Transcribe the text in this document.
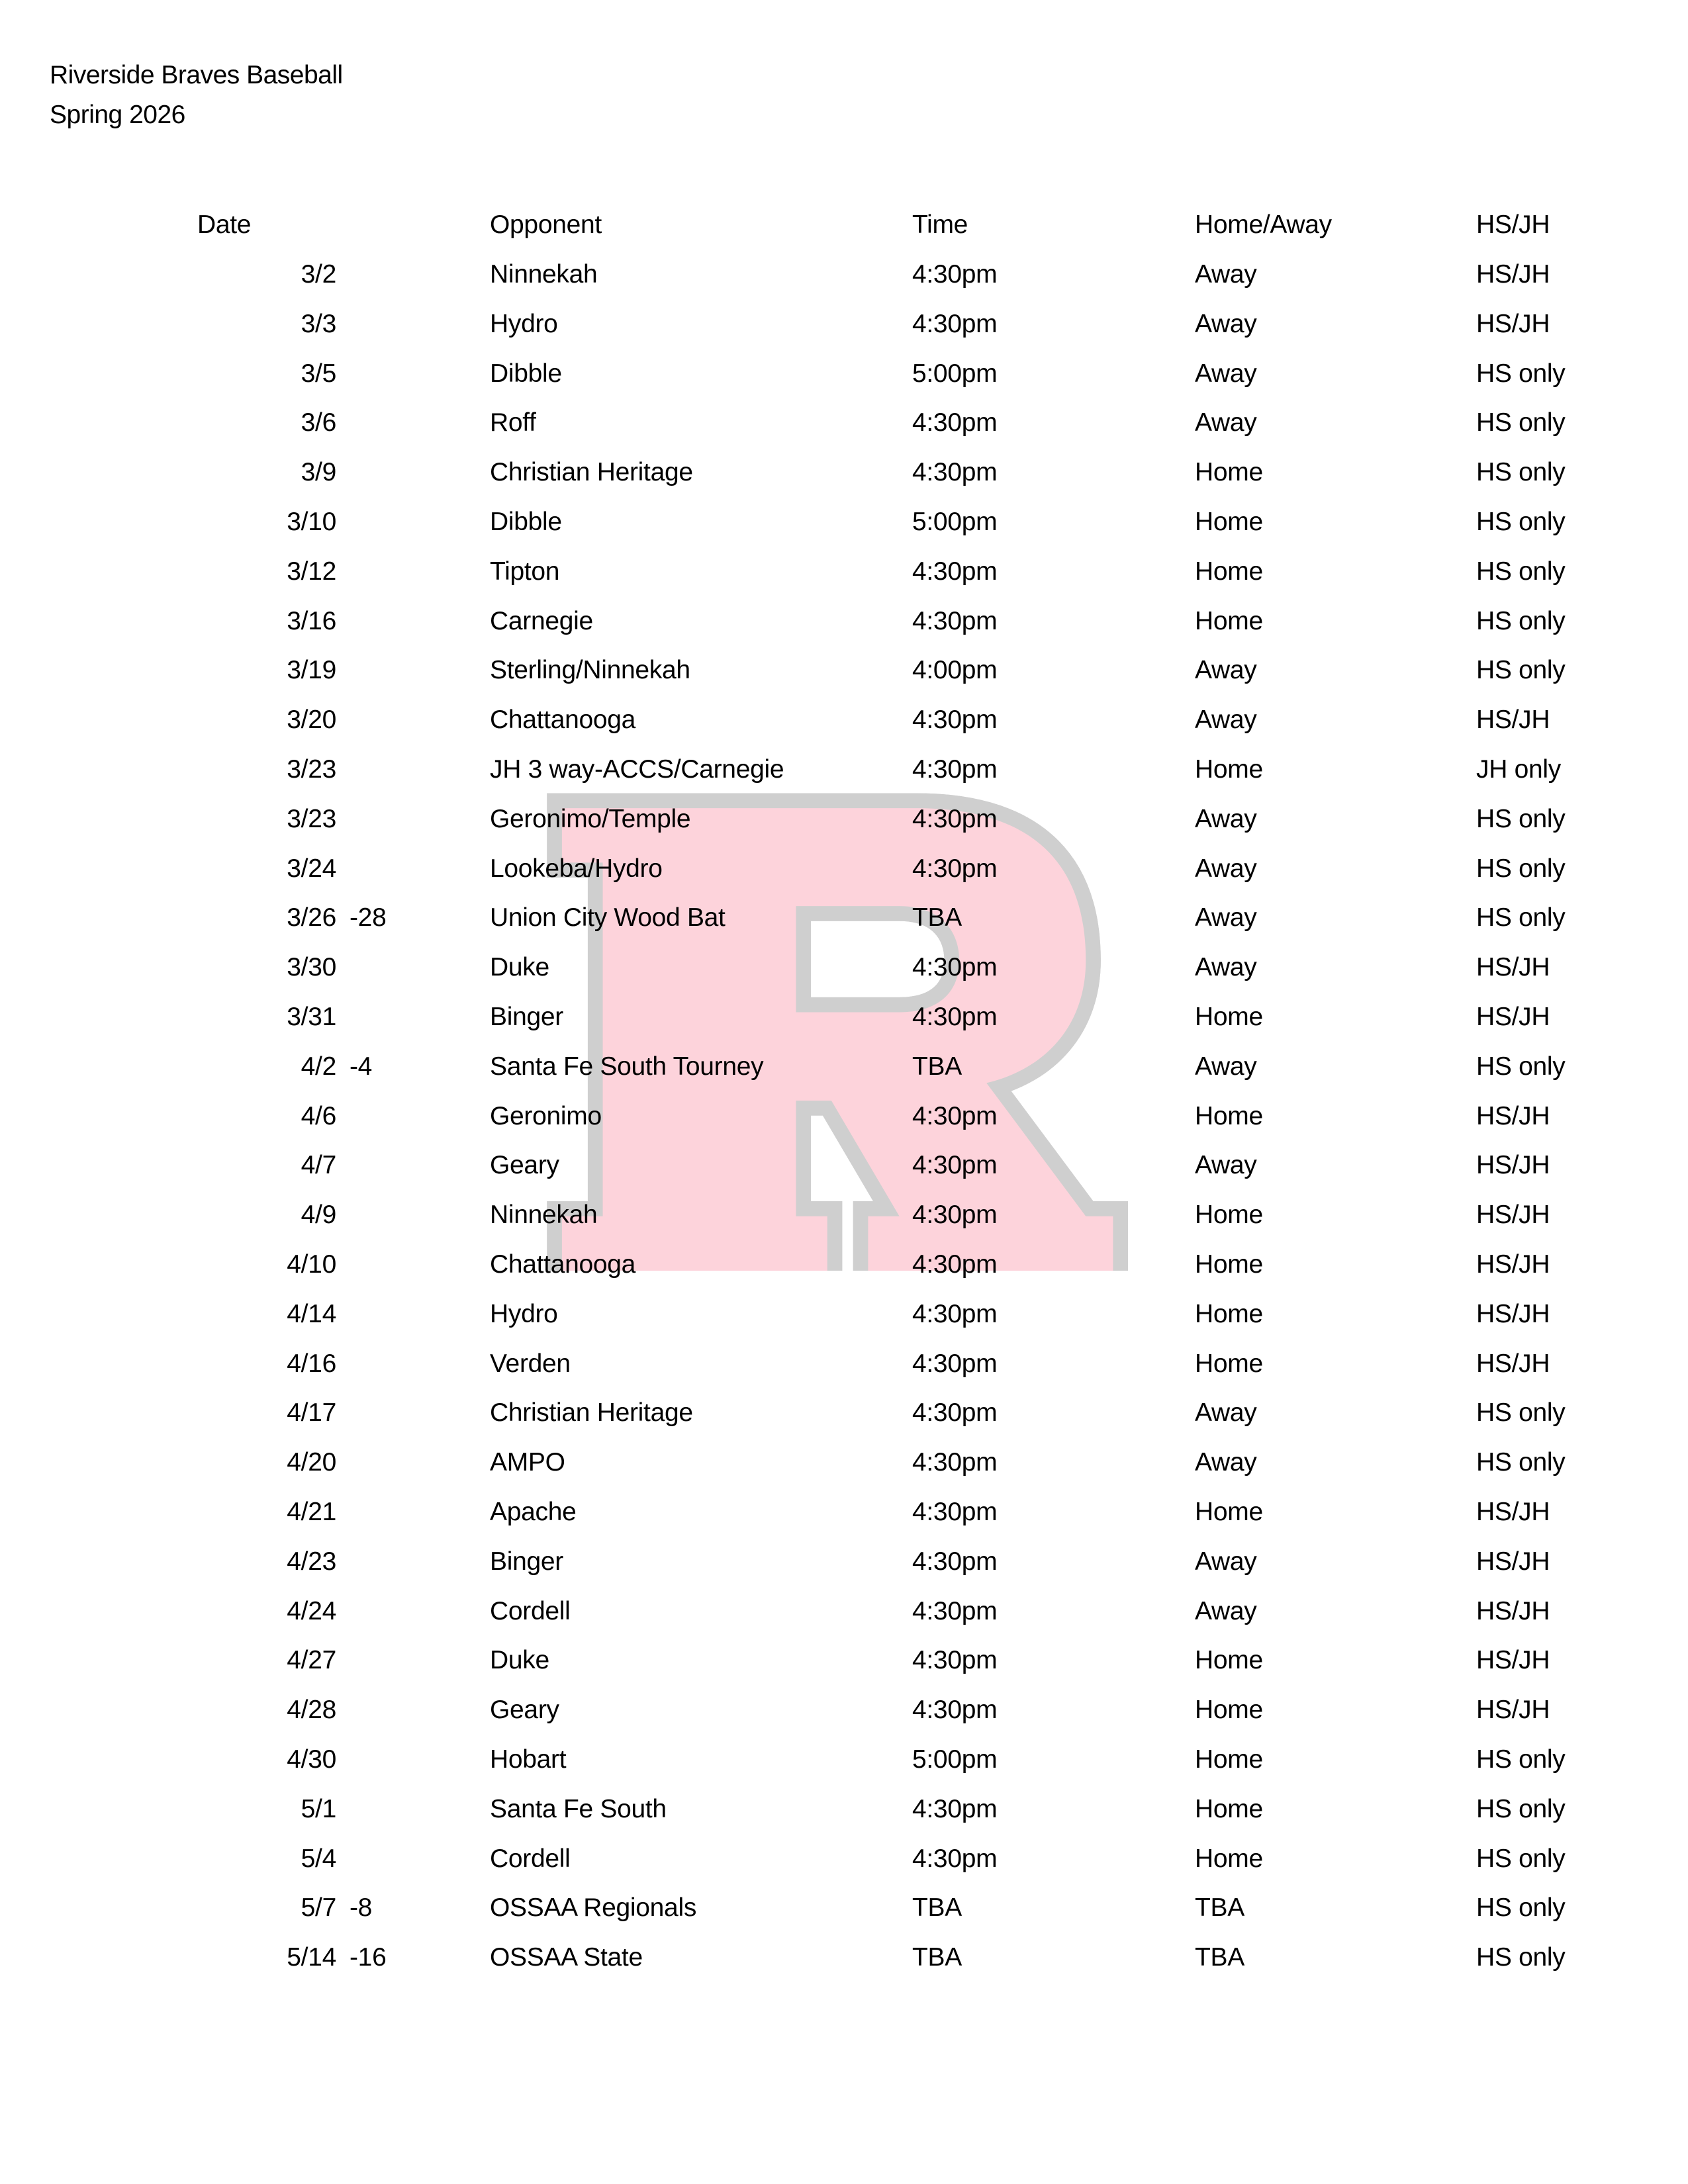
Riverside Braves Baseball
Spring 2026
Date	Opponent	Time	Home/Away	HS/JH
3/2	Ninnekah	4:30pm	Away	HS/JH
3/3	Hydro	4:30pm	Away	HS/JH
3/5	Dibble	5:00pm	Away	HS only
3/6	Roff	4:30pm	Away	HS only
3/9	Christian Heritage	4:30pm	Home	HS only
3/10	Dibble	5:00pm	Home	HS only
3/12	Tipton	4:30pm	Home	HS only
3/16	Carnegie	4:30pm	Home	HS only
3/19	Sterling/Ninnekah	4:00pm	Away	HS only
3/20	Chattanooga	4:30pm	Away	HS/JH
3/23	JH 3 way-ACCS/Carnegie	4:30pm	Home	JH only
3/23	Geronimo/Temple	4:30pm	Away	HS only
3/24	Lookeba/Hydro	4:30pm	Away	HS only
3/26 -28	Union City Wood Bat	TBA	Away	HS only
3/30	Duke	4:30pm	Away	HS/JH
3/31	Binger	4:30pm	Home	HS/JH
4/2 -4	Santa Fe South Tourney	TBA	Away	HS only
4/6	Geronimo	4:30pm	Home	HS/JH
4/7	Geary	4:30pm	Away	HS/JH
4/9	Ninnekah	4:30pm	Home	HS/JH
4/10	Chattanooga	4:30pm	Home	HS/JH
4/14	Hydro	4:30pm	Home	HS/JH
4/16	Verden	4:30pm	Home	HS/JH
4/17	Christian Heritage	4:30pm	Away	HS only
4/20	AMPO	4:30pm	Away	HS only
4/21	Apache	4:30pm	Home	HS/JH
4/23	Binger	4:30pm	Away	HS/JH
4/24	Cordell	4:30pm	Away	HS/JH
4/27	Duke	4:30pm	Home	HS/JH
4/28	Geary	4:30pm	Home	HS/JH
4/30	Hobart	5:00pm	Home	HS only
5/1	Santa Fe South	4:30pm	Home	HS only
5/4	Cordell	4:30pm	Home	HS only
5/7 -8	OSSAA Regionals	TBA	TBA	HS only
5/14 -16	OSSAA State	TBA	TBA	HS only
